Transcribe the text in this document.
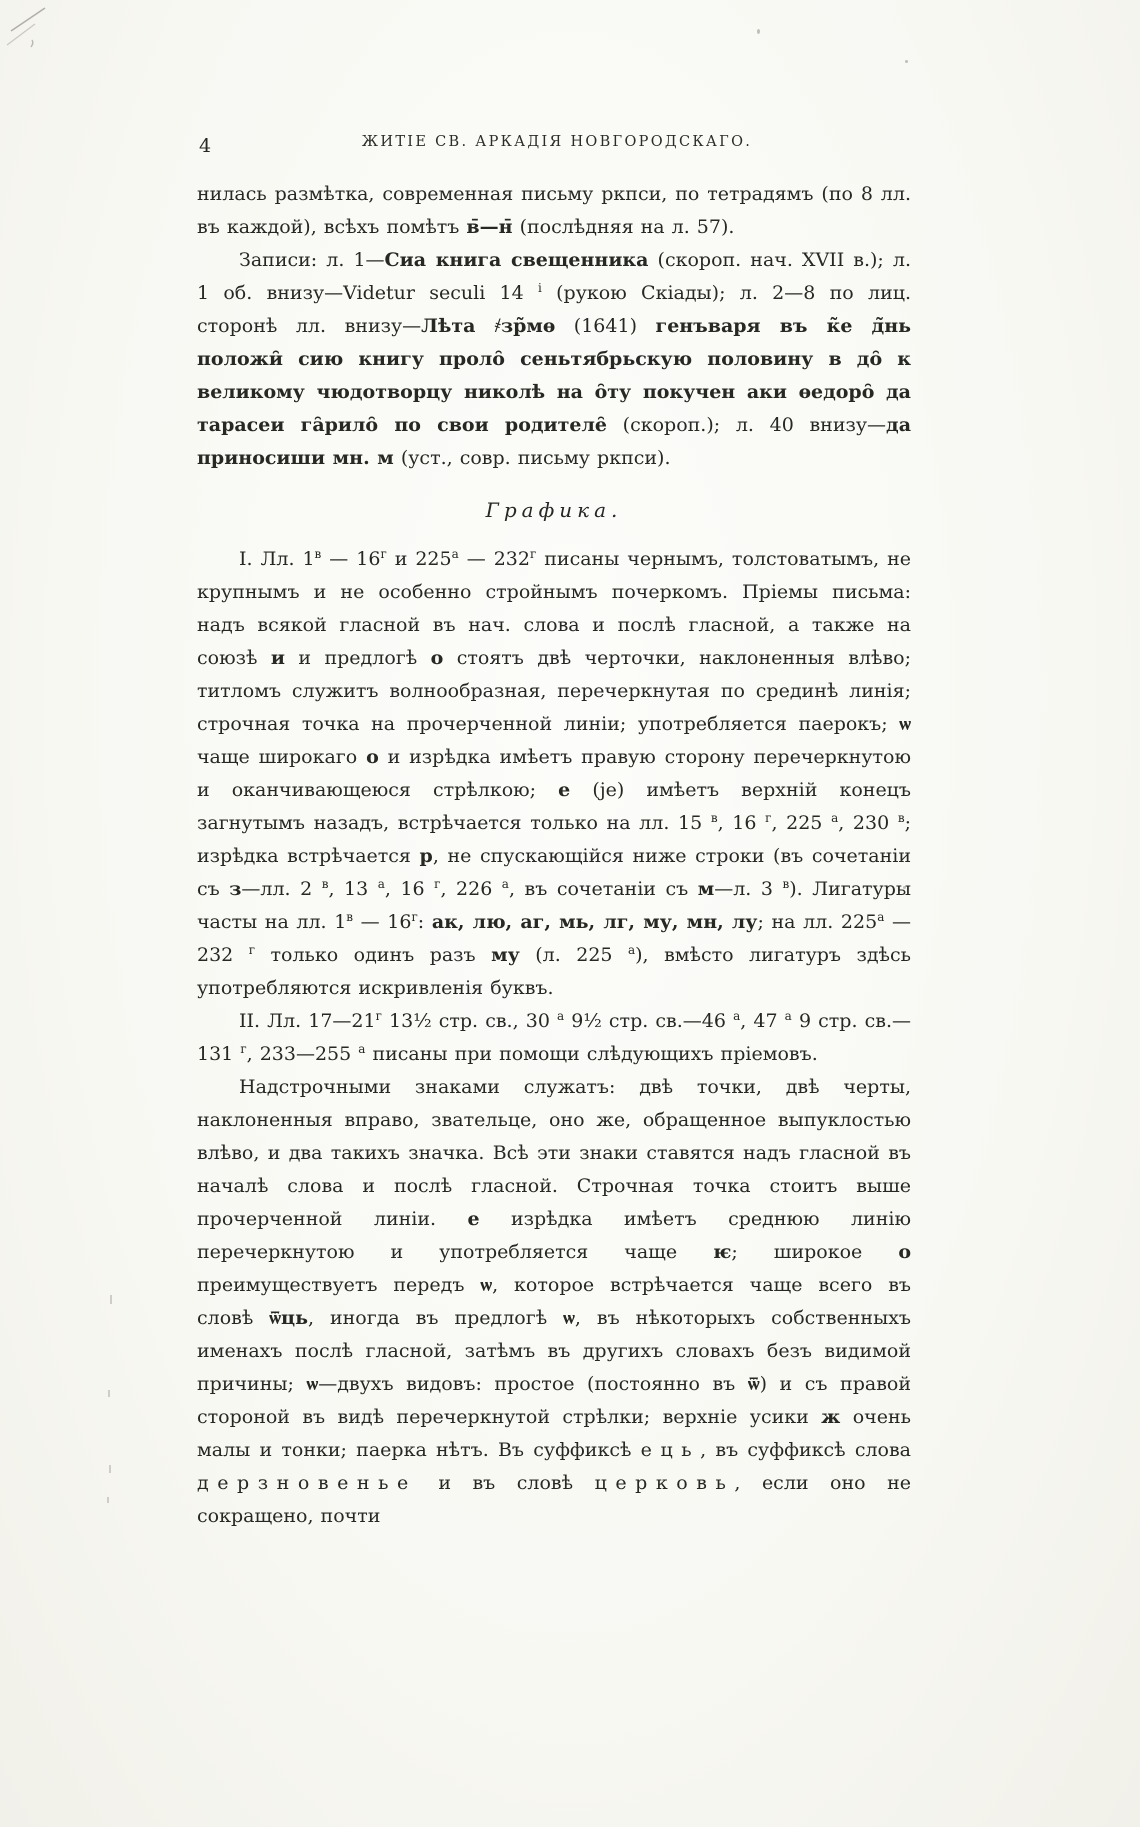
4	ЖИТІЕ СВ. АРКАДІЯ НОВГОРОДСКАГО.

нилась размѣтка, современная письму ркпси, по тетрадямъ (по 8 лл. въ каждой), всѣхъ помѣтъ в̄—н̄ (послѣдняя на л. 57).

Записи: л. 1—Сиа книга свещенника (скороп. нач. XVII в.); л. 1 об. внизу—Videtur seculi 14 $^i$ (рукою Скіады); л. 2—8 по лиц. сторонѣ лл. внизу—Лѣта ҂зр̃мѳ (1641) генъваря въ к̃е д̃нь положи̑ сию книгу проло̑ сеньтябрьскую половину в до̑ к великому чюдотворцу николѣ на о̑ту покучен аки ѳедоро̑ да тарасеи га̑рило̑ по свои родителе̑ (скороп.); л. 40 внизу—да приносиши мн. м (уст., совр. письму ркпси).

Графика.

I. Лл. $1^в$ — $16^г$ и $225^а$ — $232^г$ писаны чернымъ, толстоватымъ, не крупнымъ и не особенно стройнымъ почеркомъ. Пріемы письма: надъ всякой гласной въ нач. слова и послѣ гласной, а также на союзѣ и и предлогѣ о стоятъ двѣ черточки, наклоненныя влѣво; титломъ служитъ волнообразная, перечеркнутая по срединѣ линія; строчная точка на прочерченной линіи; употребляется паерокъ; ѡ чаще широкаго о и изрѣдка имѣетъ правую сторону перечеркнутою и оканчивающеюся стрѣлкою; е (je) имѣетъ верхній конецъ загнутымъ назадъ, встрѣчается только на лл. 15 $^в$, 16 $^г$, 225 $^а$, 230 $^в$; изрѣдка встрѣчается р, не спускающійся ниже строки (въ сочетаніи съ з—лл. 2 $^в$, 13 $^а$, 16 $^г$, 226 $^а$, въ сочетаніи съ м—л. 3 $^в$). Лигатуры часты на лл. $1^в$ — $16^г$: ак, лю, аг, мь, лг, му, мн, лу; на лл. $225^а$ — 232 $^г$ только одинъ разъ му (л. 225 $^а$), вмѣсто лигатуръ здѣсь употребляются искривленія буквъ.

II. Лл. $17—21^г$ 13½ стр. св., 30 $^а$ 9½ стр. св.—46 $^а$, 47 $^а$ 9 стр. св.—131 $^г$, 233—255 $^а$ писаны при помощи слѣдующихъ пріемовъ.

Надстрочными знаками служатъ: двѣ точки, двѣ черты, наклоненныя вправо, звательце, оно же, обращенное выпуклостью влѣво, и два такихъ значка. Всѣ эти знаки ставятся надъ гласной въ началѣ слова и послѣ гласной. Строчная точка стоитъ выше прочерченной линіи. е изрѣдка имѣетъ среднюю линію перечеркнутою и употребляется чаще ѥ; широкое о преимуществуетъ передъ ѡ, которое встрѣчается чаще всего въ словѣ ѿць, иногда въ предлогѣ ѡ, въ нѣкоторыхъ собственныхъ именахъ послѣ гласной, затѣмъ въ другихъ словахъ безъ видимой причины; ѡ—двухъ видовъ: простое (постоянно въ ѿ) и съ правой стороной въ видѣ перечеркнутой стрѣлки; верхніе усики ж очень малы и тонки; паерка нѣтъ. Въ суффиксѣ ець, въ суффиксѣ слова дерзновенье и въ словѣ церковь, если оно не сокращено, почти
